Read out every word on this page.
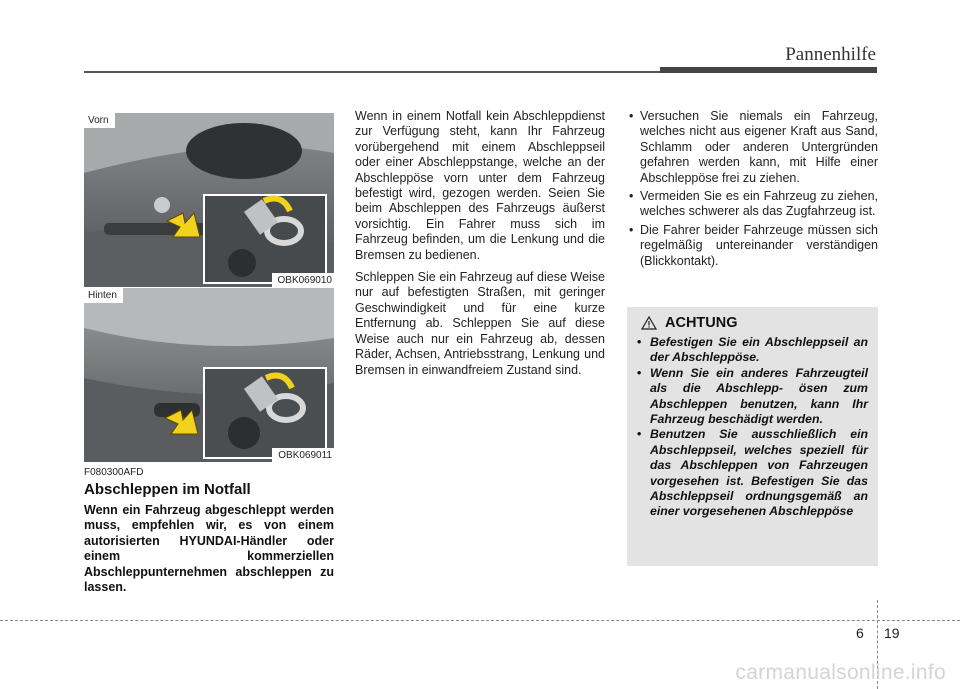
Pannenhilfe
Vorn
OBK069010
Hinten
OBK069011
F080300AFD
Abschleppen im Notfall

Wenn ein Fahrzeug abgeschleppt werden muss, empfehlen wir, es von einem autorisierten HYUNDAI-Händler oder einem kommerziellen Abschleppunternehmen abschleppen zu lassen.

Wenn in einem Notfall kein Abschleppdienst zur Verfügung steht, kann Ihr Fahrzeug vorübergehend mit einem Abschleppseil oder einer Abschleppstange, welche an der Abschleppöse vorn unter dem Fahrzeug befestigt wird, gezogen werden. Seien Sie beim Abschleppen des Fahrzeugs äußerst vorsichtig. Ein Fahrer muss sich im Fahrzeug befinden, um die Lenkung und die Bremsen zu bedienen.

Schleppen Sie ein Fahrzeug auf diese Weise nur auf befestigten Straßen, mit geringer Geschwindigkeit und für eine kurze Entfernung ab. Schleppen Sie auf diese Weise auch nur ein Fahrzeug ab, dessen Räder, Achsen, Antriebsstrang, Lenkung und Bremsen in einwandfreiem Zustand sind.

• Versuchen Sie niemals ein Fahrzeug, welches nicht aus eigener Kraft aus Sand, Schlamm oder anderen Untergründen gefahren werden kann, mit Hilfe einer Abschleppöse frei zu ziehen.
• Vermeiden Sie es ein Fahrzeug zu ziehen, welches schwerer als das Zugfahrzeug ist.
• Die Fahrer beider Fahrzeuge müssen sich regelmäßig untereinander verständigen (Blickkontakt).
ACHTUNG
• Befestigen Sie ein Abschleppseil an der Abschleppöse.
• Wenn Sie ein anderes Fahrzeugteil als die Abschlepp- ösen zum Abschleppen benutzen, kann Ihr Fahrzeug beschädigt werden.
• Benutzen Sie ausschließlich ein Abschleppseil, welches speziell für das Abschleppen von Fahrzeugen vorgesehen ist. Befestigen Sie das Abschleppseil ordnungsgemäß an einer vorgesehenen Abschleppöse
6 19
carmanualsonline.info
